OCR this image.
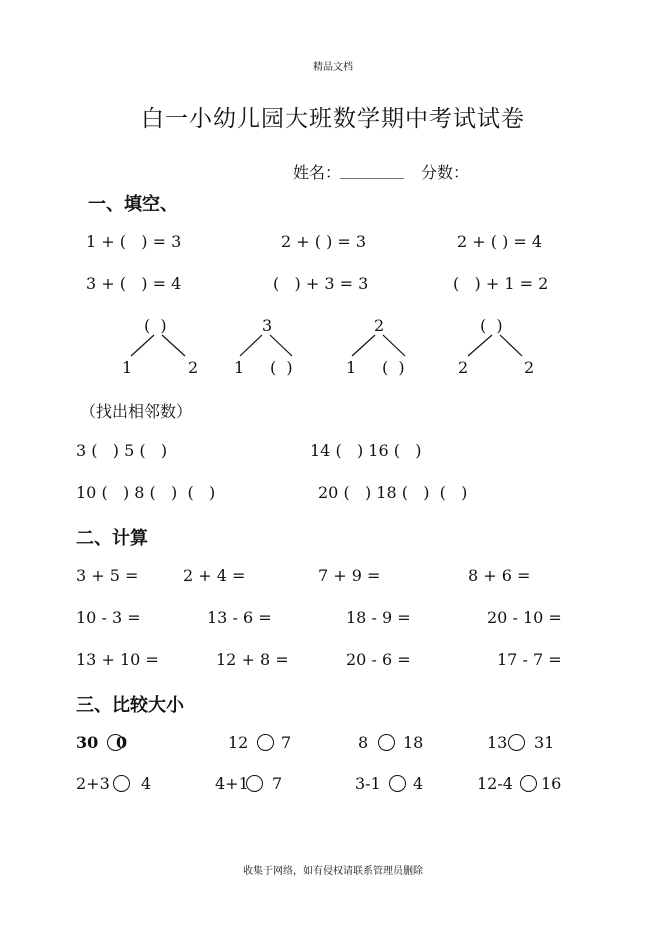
精品文档
白一小幼儿园大班数学期中考试试卷
姓名：
________ 分数：
一、填空、
1 + (   ) = 3	2 + ( ) = 3	2 + ( ) = 4
3 + (   ) = 4	(   ) + 3 = 3	(   ) + 1 = 2
(  )
1	2
3
1 (  )
2
1 (  )
(  )
2	2
（找出相邻数）
3 (   ) 5 (   )	14 (   ) 16 (   )
10 (   ) 8 (   )  (   )	20 (   ) 18 (   )  (   )
二、计算
3 + 5 =	2 + 4 =	7 + 9 =	8 + 6 =
10 - 3 =	13 - 6 =	18 - 9 =	20 - 10 =
13 + 10 =	12 + 8 =	20 - 6 =	17 - 7 =
三、比较大小
30 0	12 7	8 18	13 31
2+3 4	4+1 7	3-1 4	12-4 16
收集于网络，如有侵权请联系管理员删除
